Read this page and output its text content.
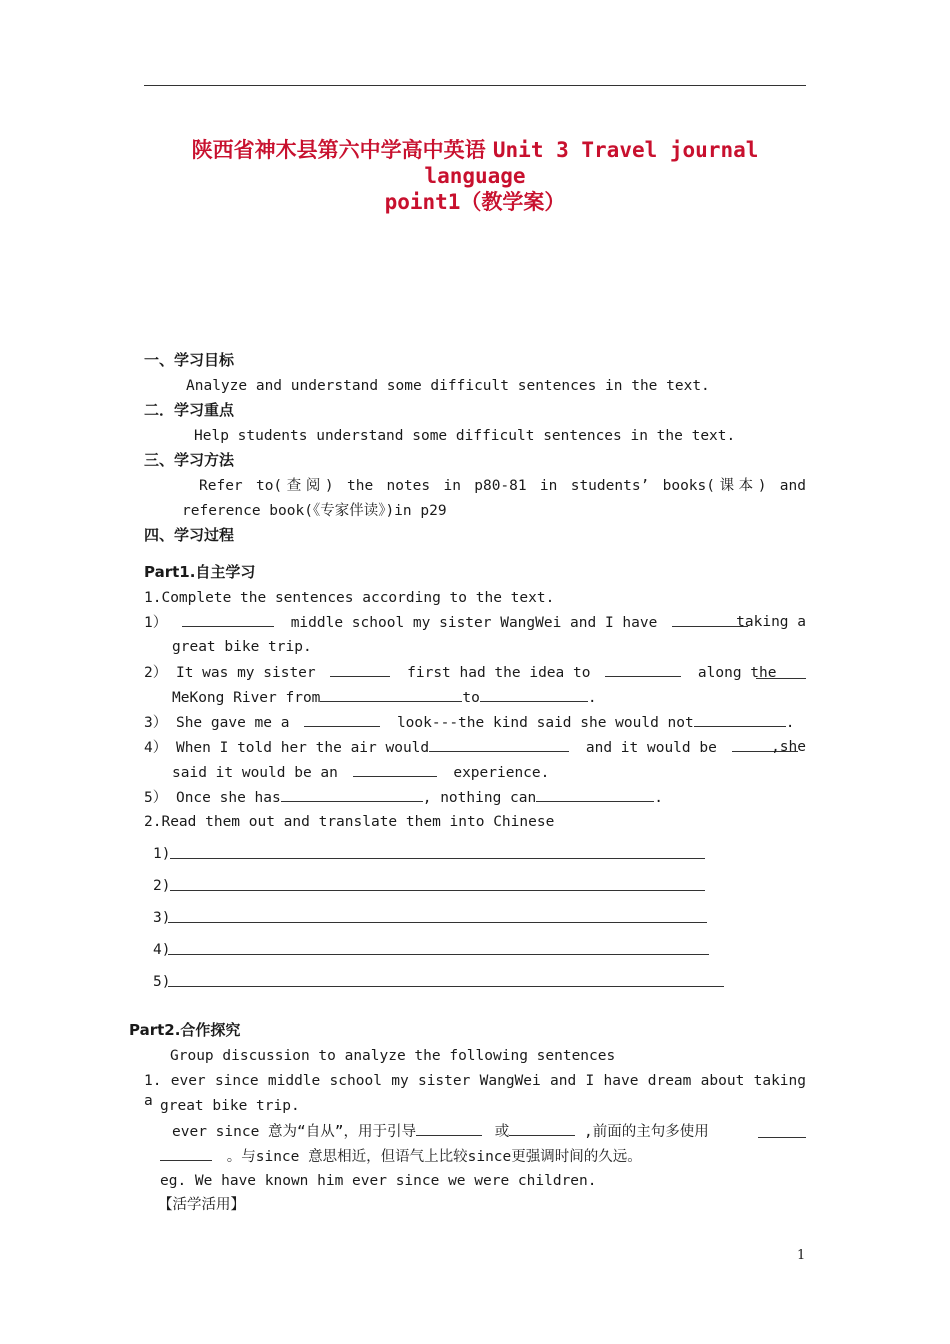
陕西省神木县第六中学高中英语 Unit 3 Travel journal language
point1（教学案）
一、学习目标
Analyze and understand some difficult sentences in the text.
二．学习重点
Help students understand some difficult sentences in the text.
三、学习方法
Refer to(查阅) the notes in p80-81 in students’ books(课本) and
reference book(《专家伴读》)in p29
四、学习过程
Part1.自主学习
1.Complete the sentences according to the text.
1）	middle school my sister WangWei and I have	taking a
great bike trip.
2） It was my sister	first had the idea to	along the
MeKong River from	to	.
3） She gave me a	look---the kind said she would not	.
4） When I told her the air would	and it would be	,she
said it would be an	experience.
5） Once she has	, nothing can	.
2.Read them out and translate them into Chinese
1)
2)
3)
4)
5)
Part2.合作探究
Group discussion to analyze the following sentences
1. ever since middle school my sister WangWei and I have dream about taking a great bike trip.
ever since 意为“自从”，用于引导	或	,前面的主句多使用
。与since 意思相近，但语气上比较since更强调时间的久远。
eg. We have known him ever since we were children.
【活学活用】
1
